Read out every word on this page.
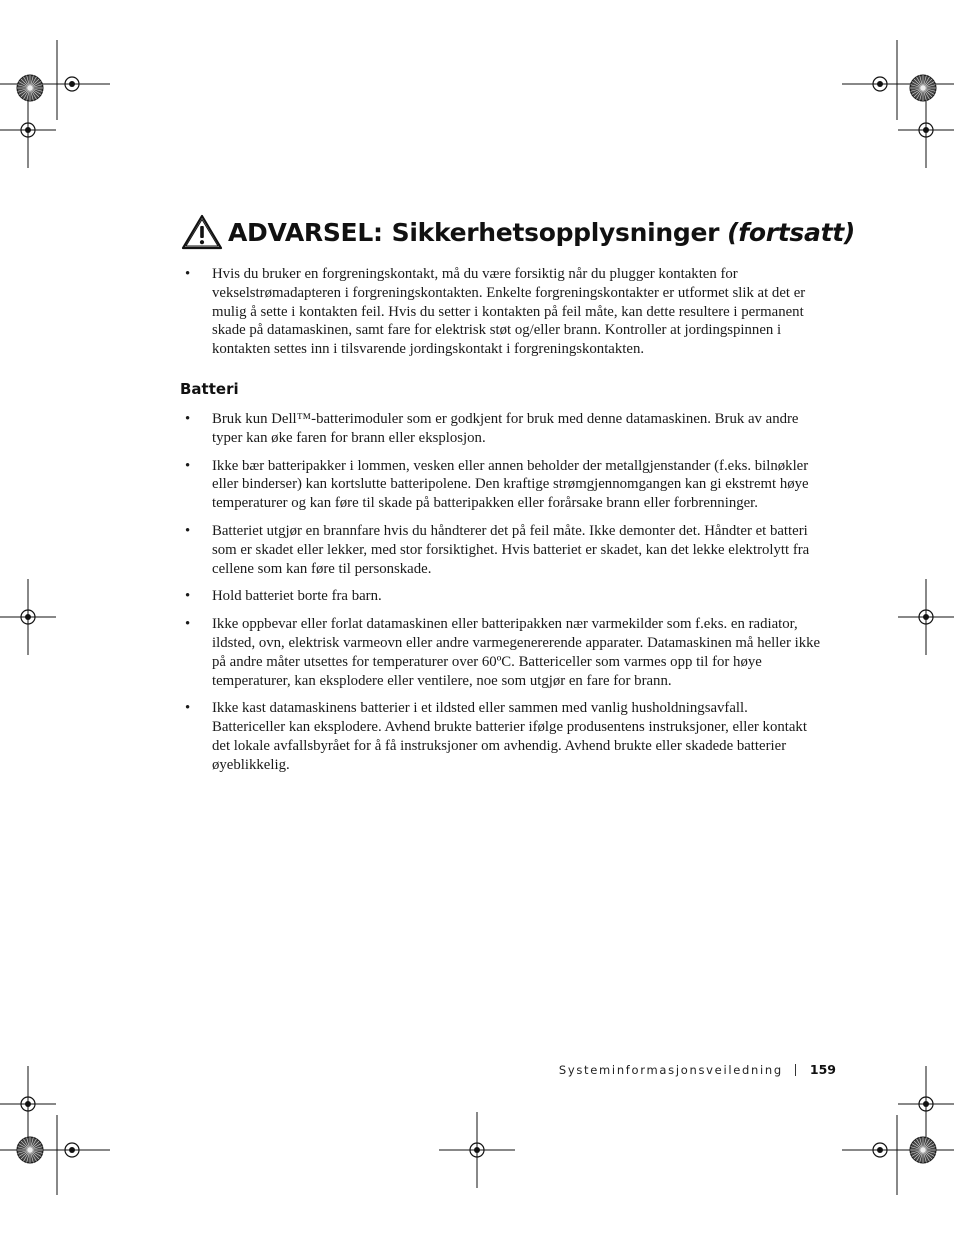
ADVARSEL: Sikkerhetsopplysninger (fortsatt)
• Hvis du bruker en forgreningskontakt, må du være forsiktig når du plugger kontakten for vekselstrømadapteren i forgreningskontakten. Enkelte forgreningskontakter er utformet slik at det er mulig å sette i kontakten feil. Hvis du setter i kontakten på feil måte, kan dette resultere i permanent skade på datamaskinen, samt fare for elektrisk støt og/eller brann. Kontroller at jordingspinnen i kontakten settes inn i tilsvarende jordingskontakt i forgreningskontakten.
Batteri
• Bruk kun Dell™-batterimoduler som er godkjent for bruk med denne datamaskinen. Bruk av andre typer kan øke faren for brann eller eksplosjon.
• Ikke bær batteripakker i lommen, vesken eller annen beholder der metallgjenstander (f.eks. bilnøkler eller binderser) kan kortslutte batteripolene. Den kraftige strømgjennomgangen kan gi ekstremt høye temperaturer og kan føre til skade på batteripakken eller forårsake brann eller forbrenninger.
• Batteriet utgjør en brannfare hvis du håndterer det på feil måte. Ikke demonter det. Håndter et batteri som er skadet eller lekker, med stor forsiktighet. Hvis batteriet er skadet, kan det lekke elektrolytt fra cellene som kan føre til personskade.
• Hold batteriet borte fra barn.
• Ikke oppbevar eller forlat datamaskinen eller batteripakken nær varmekilder som f.eks. en radiator, ildsted, ovn, elektrisk varmeovn eller andre varmegenererende apparater. Datamaskinen må heller ikke på andre måter utsettes for temperaturer over 60ºC. Battericeller som varmes opp til for høye temperaturer, kan eksplodere eller ventilere, noe som utgjør en fare for brann.
• Ikke kast datamaskinens batterier i et ildsted eller sammen med vanlig husholdningsavfall. Battericeller kan eksplodere. Avhend brukte batterier ifølge produsentens instruksjoner, eller kontakt det lokale avfallsbyrået for å få instruksjoner om avhendig. Avhend brukte eller skadede batterier øyeblikkelig.
Systeminformasjonsveiledning 159
